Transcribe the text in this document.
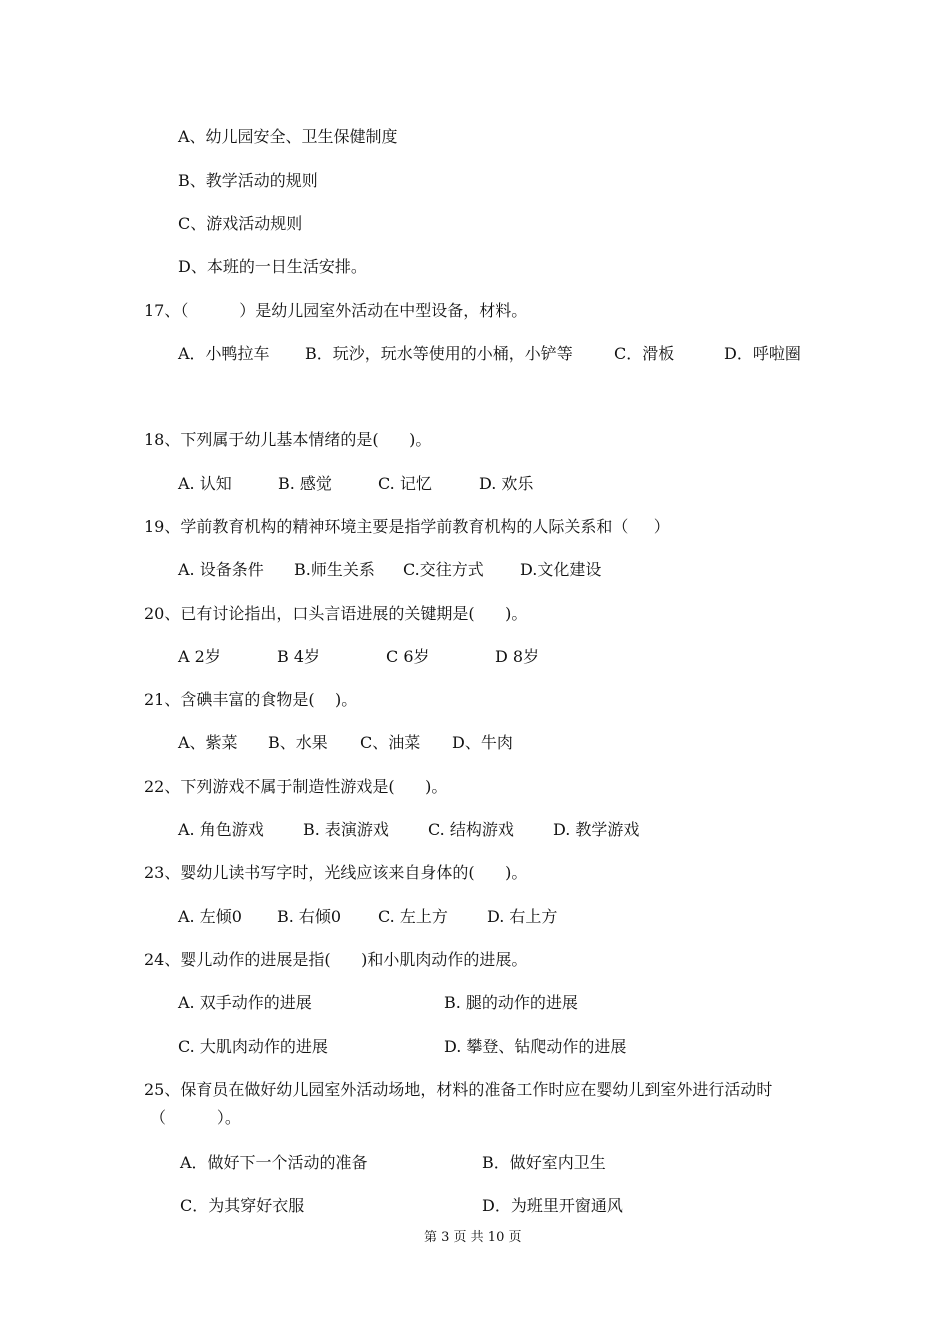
A、幼儿园安全、卫生保健制度
B、教学活动的规则
C、游戏活动规则
D、本班的一日生活安排。
17、（          ）是幼儿园室外活动在中型设备，材料。
A．小鸭拉车 B．玩沙，玩水等使用的小桶，小铲等	C．滑板	D．呼啦圈
18、下列属于幼儿基本情绪的是(      )。
A. 认知	B. 感觉	C. 记忆	D. 欢乐
19、学前教育机构的精神环境主要是指学前教育机构的人际关系和（     ）
A. 设备条件 B.师生关系 C.交往方式 D.文化建设
20、已有讨论指出，口头言语进展的关键期是(      )。
A 2岁	B 4岁	C 6岁	D 8岁
21、含碘丰富的食物是(    )。
A、紫菜 B、水果 C、油菜 D、牛肉
22、下列游戏不属于制造性游戏是(      )。
A. 角色游戏 B. 表演游戏 C. 结构游戏 D. 教学游戏
23、婴幼儿读书写字时，光线应该来自身体的(      )。
A. 左倾0 B. 右倾0 C. 左上方 D. 右上方
24、婴儿动作的进展是指(      )和小肌肉动作的进展。
A. 双手动作的进展	B. 腿的动作的进展
C. 大肌肉动作的进展	D. 攀登、钻爬动作的进展
25、保育员在做好幼儿园室外活动场地，材料的准备工作时应在婴幼儿到室外进行活动时
（          ）。
A．做好下一个活动的准备	B．做好室内卫生
C．为其穿好衣服	D．为班里开窗通风
第 3 页 共 10 页
